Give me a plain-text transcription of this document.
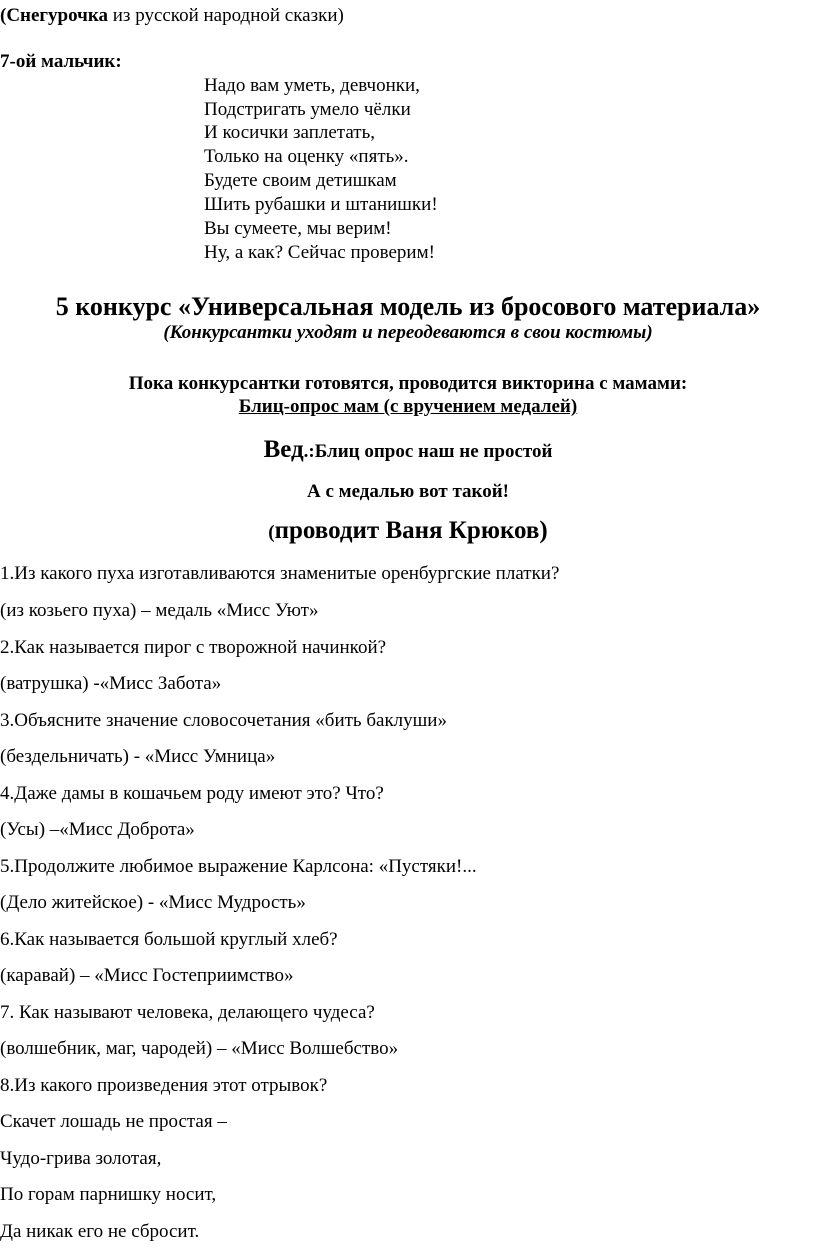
(Снегурочка из русской народной сказки)
7-ой мальчик:
Надо вам уметь, девчонки,
Подстригать умело чёлки
И косички заплетать,
Только на оценку «пять».
Будете своим детишкам
Шить рубашки и штанишки!
Вы сумеете, мы верим!
Ну, а как? Сейчас проверим!
5 конкурс «Универсальная модель из бросового материала»
(Конкурсантки уходят и переодеваются в свои костюмы)
Пока конкурсантки готовятся, проводится викторина с мамами:
Блиц-опрос мам (с вручением медалей)
Вед.:Блиц опрос наш не простой
А с медалью вот такой!
(проводит Ваня Крюков)
1.Из какого пуха изготавливаются знаменитые оренбургские платки?
(из козьего пуха) – медаль «Мисс Уют»
2.Как называется пирог с творожной начинкой?
(ватрушка) -«Мисс Забота»
3.Объясните значение словосочетания «бить баклуши»
(бездельничать) - «Мисс Умница»
4.Даже дамы в кошачьем роду имеют это? Что?
(Усы) –«Мисс Доброта»
5.Продолжите любимое выражение Карлсона: «Пустяки!...
(Дело житейское) - «Мисс Мудрость»
6.Как называется большой круглый хлеб?
(каравай) – «Мисс Гостеприимство»
7. Как называют человека, делающего чудеса?
(волшебник, маг, чародей) – «Мисс Волшебство»
8.Из какого произведения этот отрывок?
Скачет лошадь не простая –
Чудо-грива золотая,
По горам парнишку носит,
Да никак его не сбросит.
